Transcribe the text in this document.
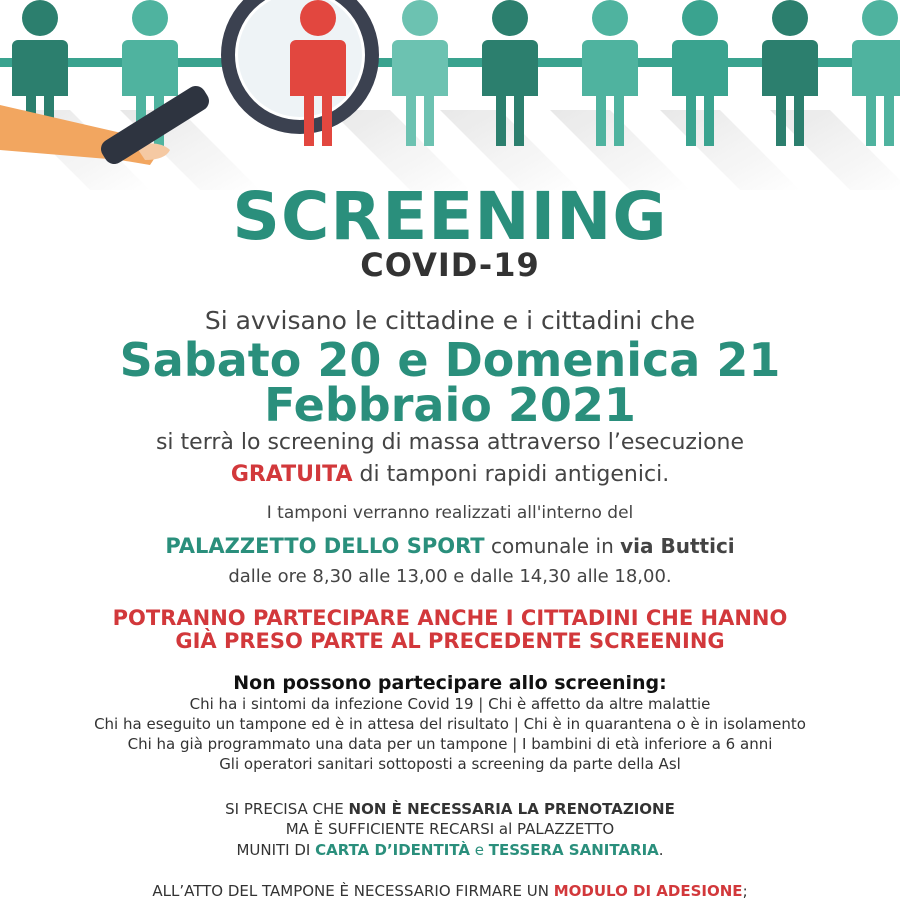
SCREENING
COVID-19
Si avvisano le cittadine e i cittadini che
Sabato 20 e Domenica 21
Febbraio 2021
si terrà lo screening di massa attraverso l’esecuzione
GRATUITA di tamponi rapidi antigenici.
I tamponi verranno realizzati all'interno del
PALAZZETTO DELLO SPORT comunale in via Buttici
dalle ore 8,30 alle 13,00 e dalle 14,30 alle 18,00.
POTRANNO PARTECIPARE ANCHE I CITTADINI CHE HANNO
GIÀ PRESO PARTE AL PRECEDENTE SCREENING
Non possono partecipare allo screening:
Chi ha i sintomi da infezione Covid 19 | Chi è affetto da altre malattie
Chi ha eseguito un tampone ed è in attesa del risultato | Chi è in quarantena o è in isolamento
Chi ha già programmato una data per un tampone | I bambini di età inferiore a 6 anni
Gli operatori sanitari sottoposti a screening da parte della Asl
SI PRECISA CHE NON È NECESSARIA LA PRENOTAZIONE
MA È SUFFICIENTE RECARSI al PALAZZETTO
MUNITI DI CARTA D’IDENTITÀ e TESSERA SANITARIA.
ALL’ATTO DEL TAMPONE È NECESSARIO FIRMARE UN MODULO DI ADESIONE;
